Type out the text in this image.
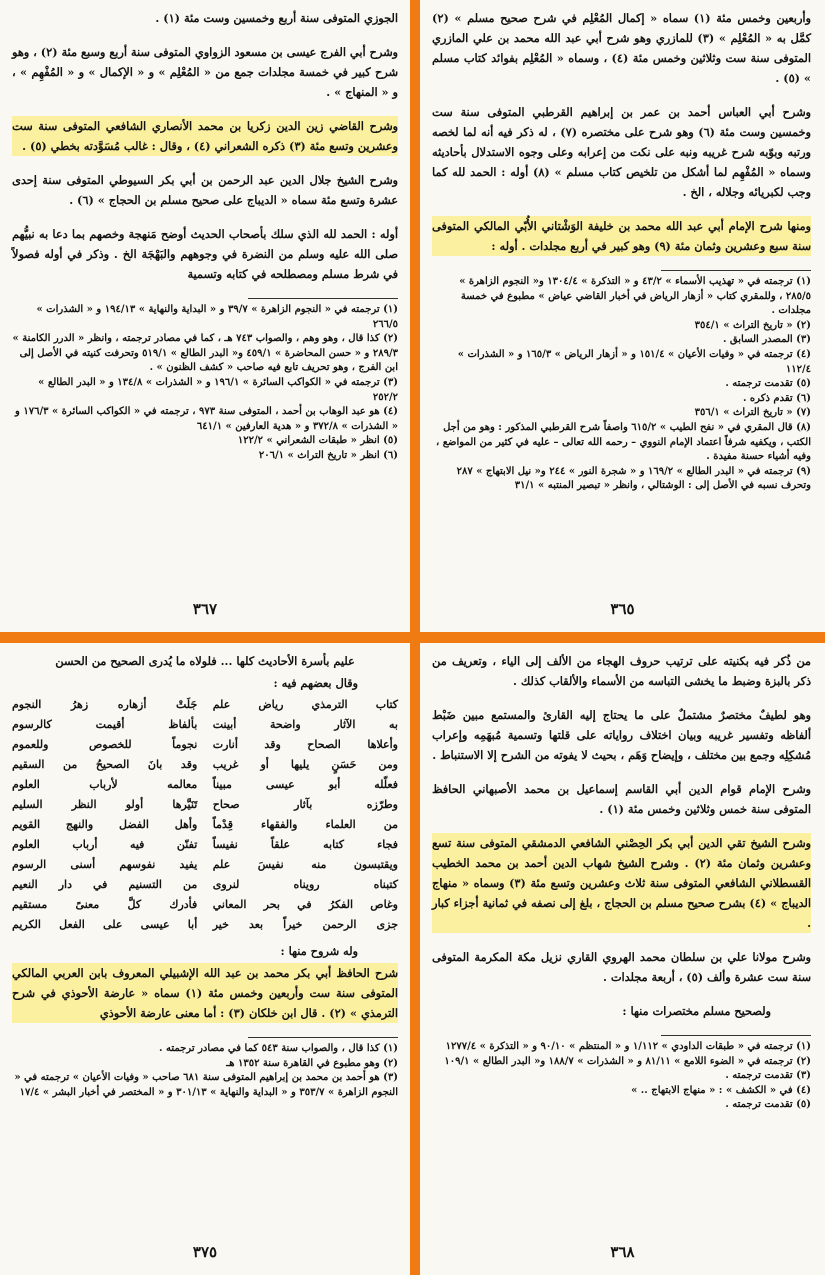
الجوزي المتوفى سنة أربع وخمسين وست مئة (١) .

وشرح أبي الفرج عيسى بن مسعود الزواوي المتوفى سنة أربع وسبع مئة (٢) ، وهو شرح كبير في خمسة مجلدات جمع من « المُعْلِم » و « الإكمال » و « المُفْهِم » ، و « المنهاج » .

وشرح القاضي زين الدين زكريا بن محمد الأنصاري الشافعي المتوفى سنة ست وعشرين وتسع مئة (٣) ذكره الشعراني (٤) ، وقال : غالب مُسَوَّدته بخطي (٥) .

وشرح الشيخ جلال الدين عبد الرحمن بن أبي بكر السيوطي المتوفى سنة إحدى عشرة وتسع مئة سماه « الديباج على صحيح مسلم بن الحجاج » (٦) .

أوله : الحمد لله الذي سلك بأصحاب الحديث أوضح مَنهجة وخصهم بما دعا به نبيُّهم صلى الله عليه وسلم من النضرة في وجوههم والبَهْجَة الخ . وذكر في أوله فصولاً في شرط مسلم ومصطلحه في كتابه وتسمية

(١) ترجمته في « النجوم الزاهرة » ٣٩/٧ و « البداية والنهاية » ١٩٤/١٣ و « الشذرات » ٢٦٦/٥

(٢) كذا قال ، وهو وهم ، والصواب ٧٤٣ هـ ، كما في مصادر ترجمته ، وانظر « الدرر الكامنة » ٢٨٩/٣ و « حسن المحاضرة » ٤٥٩/١ و« البدر الطالع » ٥١٩/١ وتحرفت كنيته في الأصل إلى ابن الفرج ، وهو تحريف تابع فيه صاحب « كشف الظنون » .

(٣) ترجمته في « الكواكب السائرة » ١٩٦/١ و « الشذرات » ١٣٤/٨ و « البدر الطالع » ٢٥٢/٢

(٤) هو عبد الوهاب بن أحمد ، المتوفى سنة ٩٧٣ ، ترجمته في « الكواكب السائرة » ١٧٦/٣ و « الشذرات » ٣٧٢/٨ و « هدية العارفين » ٦٤١/١

(٥) انظر « طبقات الشعراني » ١٢٢/٢

(٦) انظر « تاريخ التراث » ٢٠٦/١

٣٦٧

وأربعين وخمس مئة (١) سماه « إكمال المُعْلِم في شرح صحيح مسلم » (٢) كمَّل به « المُعْلِم » (٣) للمازري وهو شرح أبي عبد الله محمد بن علي المازري المتوفى سنة ست وثلاثين وخمس مئة (٤) ، وسماه « المُعْلِم بفوائد كتاب مسلم » (٥) .

وشرح أبي العباس أحمد بن عمر بن إبراهيم القرطبي المتوفى سنة ست وخمسين وست مئة (٦) وهو شرح على مختصره (٧) ، له ذكر فيه أنه لما لخصه ورتبه وبوّبه شرح غريبه ونبه على نكت من إعرابه وعلى وجوه الاستدلال بأحاديثه وسماه « المُفْهِم لما أشكل من تلخيص كتاب مسلم » (٨) أوله : الحمد لله كما وجب لكبريائه وجلاله ، الخ .

ومنها شرح الإمام أبي عبد الله محمد بن خليفة الوَشْتاني الأُبّي المالكي المتوفى سنة سبع وعشرين وثمان مئة (٩) وهو كبير في أربع مجلدات . أوله :

(١) ترجمته في « تهذيب الأسماء » ٤٣/٢ و « التذكرة » ١٣٠٤/٤ و« النجوم الزاهرة » ٢٨٥/٥ ، وللمقري كتاب « أزهار الرياض في أخبار القاضي عياض » مطبوع في خمسة مجلدات .

(٢) « تاريخ التراث » ٣٥٤/١

(٣) المصدر السابق .

(٤) ترجمته في « وفيات الأعيان » ١٥١/٤ و « أزهار الرياض » ١٦٥/٣ و « الشذرات » ١١٢/٤

(٥) تقدمت ترجمته .

(٦) تقدم ذكره .

(٧) « تاريخ التراث » ٣٥٦/١

(٨) قال المقري في « نفح الطيب » ٦١٥/٢ واصفاً شرح القرطبي المذكور : وهو من أجل الكتب ، ويكفيه شرفاً اعتماد الإمام النووي – رحمه الله تعالى – عليه في كثير من المواضع ، وفيه أشياء حسنة مفيدة .

(٩) ترجمته في « البدر الطالع » ١٦٩/٢ و « شجرة النور » ٢٤٤ و« نيل الابتهاج » ٢٨٧ وتحرف نسبه في الأصل إلى : الوشتالي ، وانظر « تبصير المنتبه » ٣١/١

٣٦٥

عليم بأسرة الأحاديث كلها ... فلولاه ما يُدرى الصحيح من الحسن

وقال بعضهم فيه :

كتاب الترمذي رياض علم
جَلَتْ أزهاره زهرُ النجوم
به الآثار واضحة أبينت
بألفاظ أقيمت كالرسوم
وأعلاها الصحاح وقد أنارت
نجوماً للخصوص وللعموم
ومن حَسَنٍ يليها أو غريب
وقد بانَ الصحيحُ من السقيم
فعلّله أبو عيسى مبيناً
معالمه لأرباب العلوم
وطرّزه بآثار صحاح
تَنَيَّرها أولو النظر السليم
من العلماء والفقهاء قِدْماً
وأهل الفضل والنهج القويم
فجاء كتابه علقاً نفيساً
تفنّن فيه أرباب العلوم
ويقتبسون منه نفيسَ علم
يفيد نفوسهم أسنى الرسوم
كتبناه رويناه لنروى
من التسنيم في دار النعيم
وغاص الفكرُ في بحر المعاني
فأدرك كلَّ معنىً مستقيم
جزى الرحمن خيراً بعد خير
أبا عيسى على الفعل الكريم

وله شروح منها :

شرح الحافظ أبي بكر محمد بن عبد الله الإشبيلي المعروف بابن العربي المالكي المتوفى سنة ست وأربعين وخمس مئة (١) سماه « عارضة الأحوذي في شرح الترمذي » (٢) . قال ابن خلكان (٣) : أما معنى عارضة الأحوذي

(١) كذا قال ، والصواب سنة ٥٤٣ كما في مصادر ترجمته .

(٢) وهو مطبوع في القاهرة سنة ١٣٥٢ هـ

(٣) هو أحمد بن محمد بن إبراهيم المتوفى سنة ٦٨١ صاحب « وفيات الأعيان » ترجمته في « النجوم الزاهرة » ٣٥٣/٧ و « البداية والنهاية » ٣٠١/١٣ و « المختصر في أخبار البشر » ١٧/٤

٣٧٥

من ذُكر فيه بكنيته على ترتيب حروف الهجاء من الألف إلى الياء ، وتعريف من ذكر بالبزة وضبط ما يخشى التباسه من الأسماء والألقاب كذلك .

وهو لطيفٌ مختصرٌ مشتملٌ على ما يحتاج إليه القارئ والمستمع مبين ضَبْط ألفاظه وتفسير غريبه وبيان اختلاف رواياته على قلتها وتسمية مُبهَمِه وإعراب مُشكِلِه وجمع بين مختلف ، وإيضاح وَهَم ، بحيث لا يفوته من الشرح إلا الاستنباط .

وشرح الإمام قوام الدين أبي القاسم إسماعيل بن محمد الأصبهاني الحافظ المتوفى سنة خمس وثلاثين وخمس مئة (١) .

وشرح الشيخ تقي الدين أبي بكر الحِصْني الشافعي الدمشقي المتوفى سنة تسع وعشرين وثمان مئة (٢) . وشرح الشيخ شهاب الدين أحمد بن محمد الخطيب القسطلاني الشافعي المتوفى سنة ثلاث وعشرين وتسع مئة (٣) وسماه « منهاج الديباج » (٤) بشرح صحيح مسلم بن الحجاج ، بلغ إلى نصفه في ثمانية أجزاء كبار .

وشرح مولانا علي بن سلطان محمد الهروي القاري نزيل مكة المكرمة المتوفى سنة ست عشرة وألف (٥) ، أربعة مجلدات .

ولصحيح مسلم مختصرات منها :

(١) ترجمته في « طبقات الداودي » ١/١١٢ و « المنتظم » ٩٠/١٠ و « التذكرة » ١٢٧٧/٤

(٢) ترجمته في « الضوء اللامع » ٨١/١١ و « الشذرات » ١٨٨/٧ و« البدر الطالع » ١٠٩/١

(٣) تقدمت ترجمته .

(٤) في « الكشف » : « منهاج الابتهاج .. »

(٥) تقدمت ترجمته .

٣٦٨
